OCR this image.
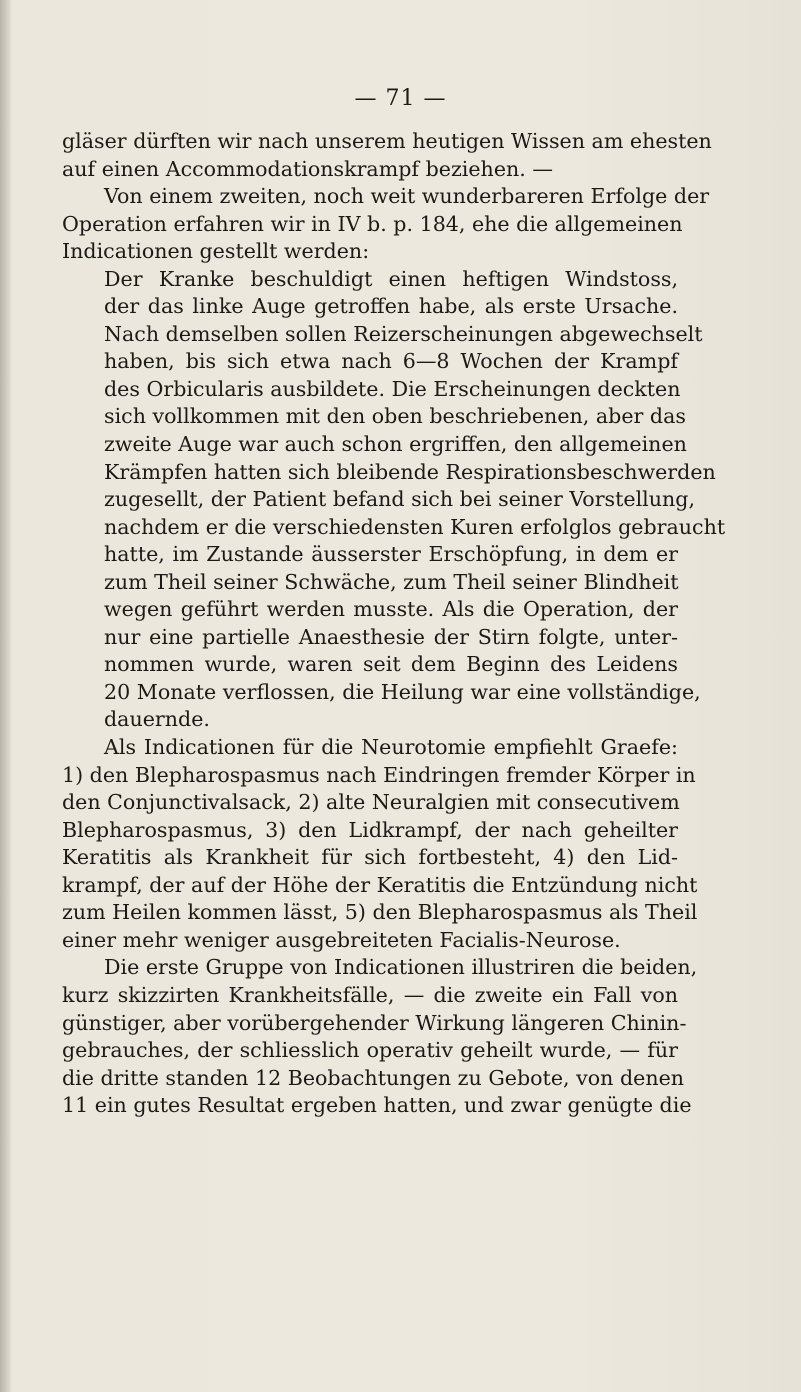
— 71 —
gläser dürften wir nach unserem heutigen Wissen am ehesten
auf einen Accommodationskrampf beziehen. —
Von einem zweiten, noch weit wunderbareren Erfolge der
Operation erfahren wir in IV b. p. 184, ehe die allgemeinen
Indicationen gestellt werden:
Der Kranke beschuldigt einen heftigen Windstoss,
der das linke Auge getroffen habe, als erste Ursache.
Nach demselben sollen Reizerscheinungen abgewechselt
haben, bis sich etwa nach 6—8 Wochen der Krampf
des Orbicularis ausbildete. Die Erscheinungen deckten
sich vollkommen mit den oben beschriebenen, aber das
zweite Auge war auch schon ergriffen, den allgemeinen
Krämpfen hatten sich bleibende Respirationsbeschwerden
zugesellt, der Patient befand sich bei seiner Vorstellung,
nachdem er die verschiedensten Kuren erfolglos gebraucht
hatte, im Zustande äusserster Erschöpfung, in dem er
zum Theil seiner Schwäche, zum Theil seiner Blindheit
wegen geführt werden musste. Als die Operation, der
nur eine partielle Anaesthesie der Stirn folgte, unter-
nommen wurde, waren seit dem Beginn des Leidens
20 Monate verflossen, die Heilung war eine vollständige,
dauernde.
Als Indicationen für die Neurotomie empfiehlt Graefe:
1) den Blepharospasmus nach Eindringen fremder Körper in
den Conjunctivalsack, 2) alte Neuralgien mit consecutivem
Blepharospasmus, 3) den Lidkrampf, der nach geheilter
Keratitis als Krankheit für sich fortbesteht, 4) den Lid-
krampf, der auf der Höhe der Keratitis die Entzündung nicht
zum Heilen kommen lässt, 5) den Blepharospasmus als Theil
einer mehr weniger ausgebreiteten Facialis-Neurose.
Die erste Gruppe von Indicationen illustriren die beiden,
kurz skizzirten Krankheitsfälle, — die zweite ein Fall von
günstiger, aber vorübergehender Wirkung längeren Chinin-
gebrauches, der schliesslich operativ geheilt wurde, — für
die dritte standen 12 Beobachtungen zu Gebote, von denen
11 ein gutes Resultat ergeben hatten, und zwar genügte die
